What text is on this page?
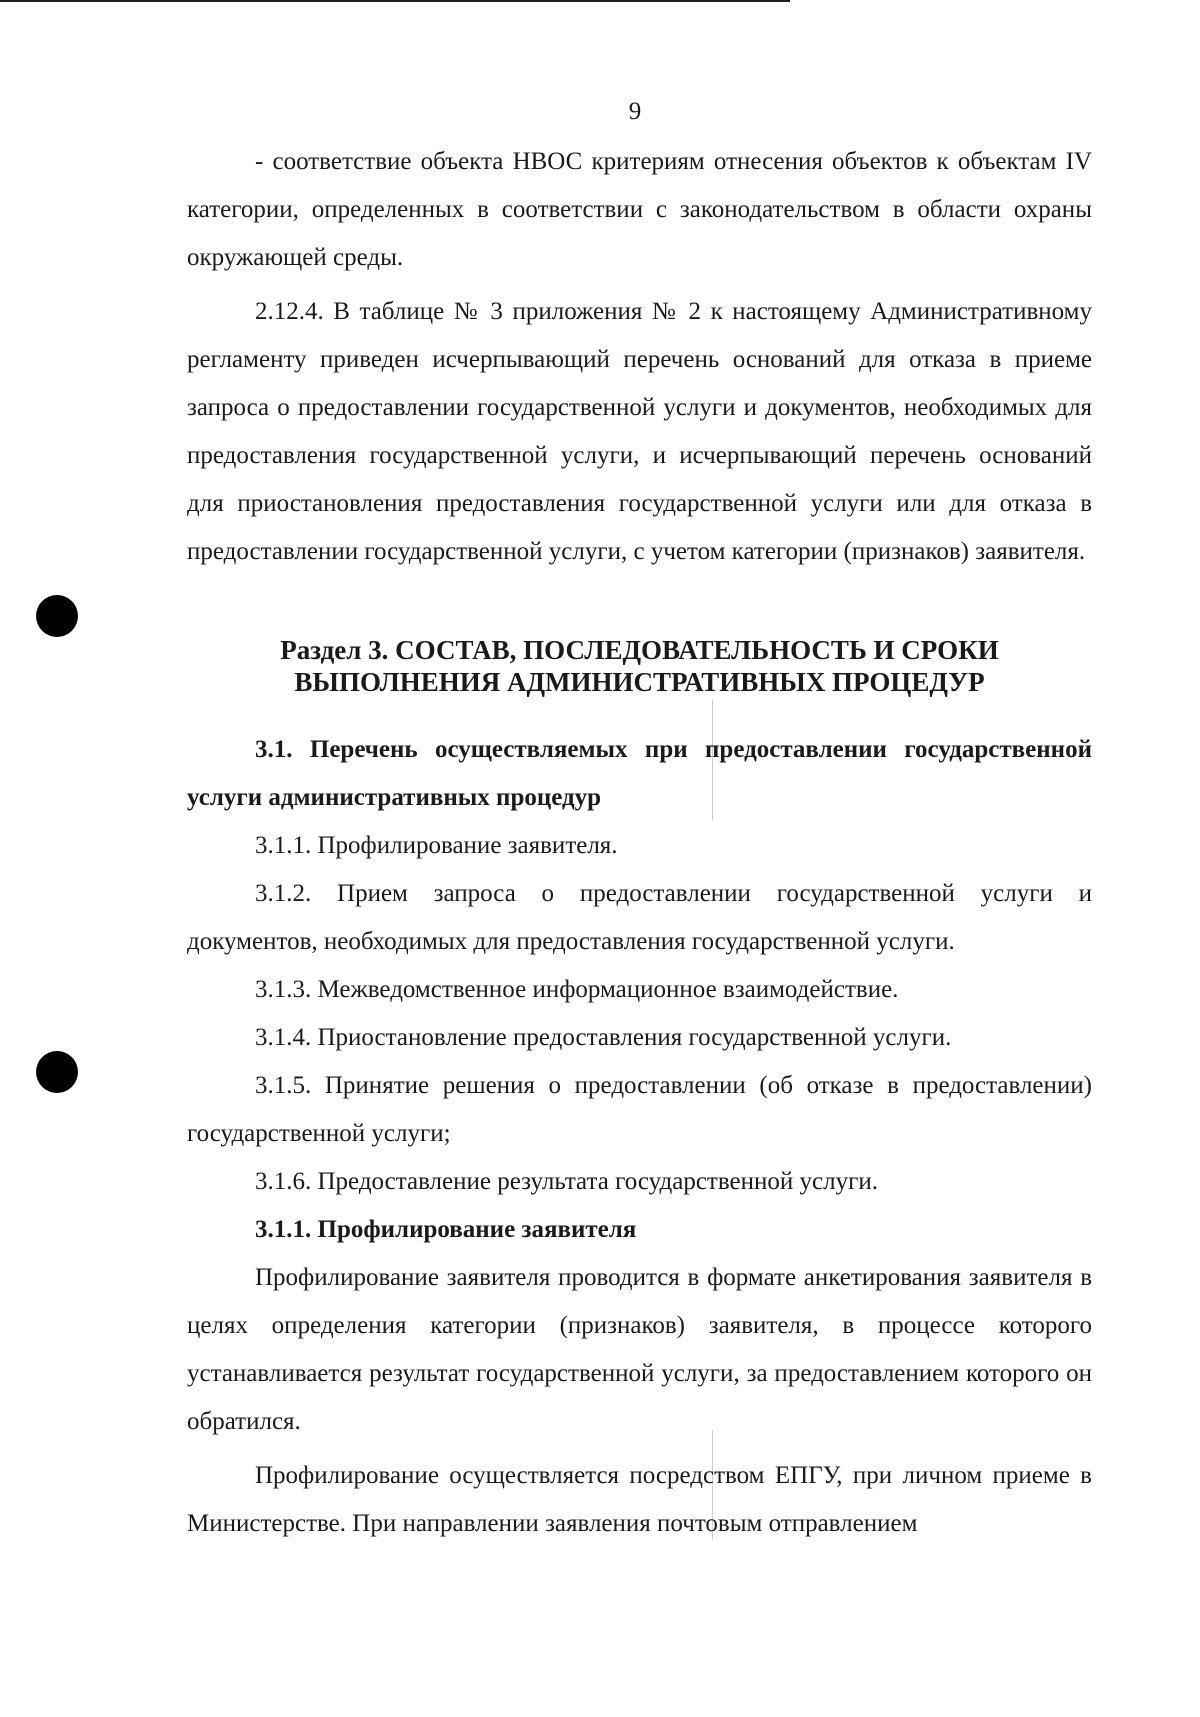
9

- соответствие объекта НВОС критериям отнесения объектов к объектам IV категории, определенных в соответствии с законодательством в области охраны окружающей среды.

2.12.4. В таблице № 3 приложения № 2 к настоящему Административному регламенту приведен исчерпывающий перечень оснований для отказа в приеме запроса о предоставлении государственной услуги и документов, необходимых для предоставления государственной услуги, и исчерпывающий перечень оснований для приостановления предоставления государственной услуги или для отказа в предоставлении государственной услуги, с учетом категории (признаков) заявителя.

Раздел 3. СОСТАВ, ПОСЛЕДОВАТЕЛЬНОСТЬ И СРОКИ
ВЫПОЛНЕНИЯ АДМИНИСТРАТИВНЫХ ПРОЦЕДУР

3.1. Перечень осуществляемых при предоставлении государственной услуги административных процедур

3.1.1. Профилирование заявителя.

3.1.2. Прием запроса о предоставлении государственной услуги и документов, необходимых для предоставления государственной услуги.

3.1.3. Межведомственное информационное взаимодействие.

3.1.4. Приостановление предоставления государственной услуги.

3.1.5. Принятие решения о предоставлении (об отказе в предоставлении) государственной услуги;

3.1.6. Предоставление результата государственной услуги.

3.1.1. Профилирование заявителя

Профилирование заявителя проводится в формате анкетирования заявителя в целях определения категории (признаков) заявителя, в процессе которого устанавливается результат государственной услуги, за предоставлением которого он обратился.

Профилирование осуществляется посредством ЕПГУ, при личном приеме в Министерстве. При направлении заявления почтовым отправлением
